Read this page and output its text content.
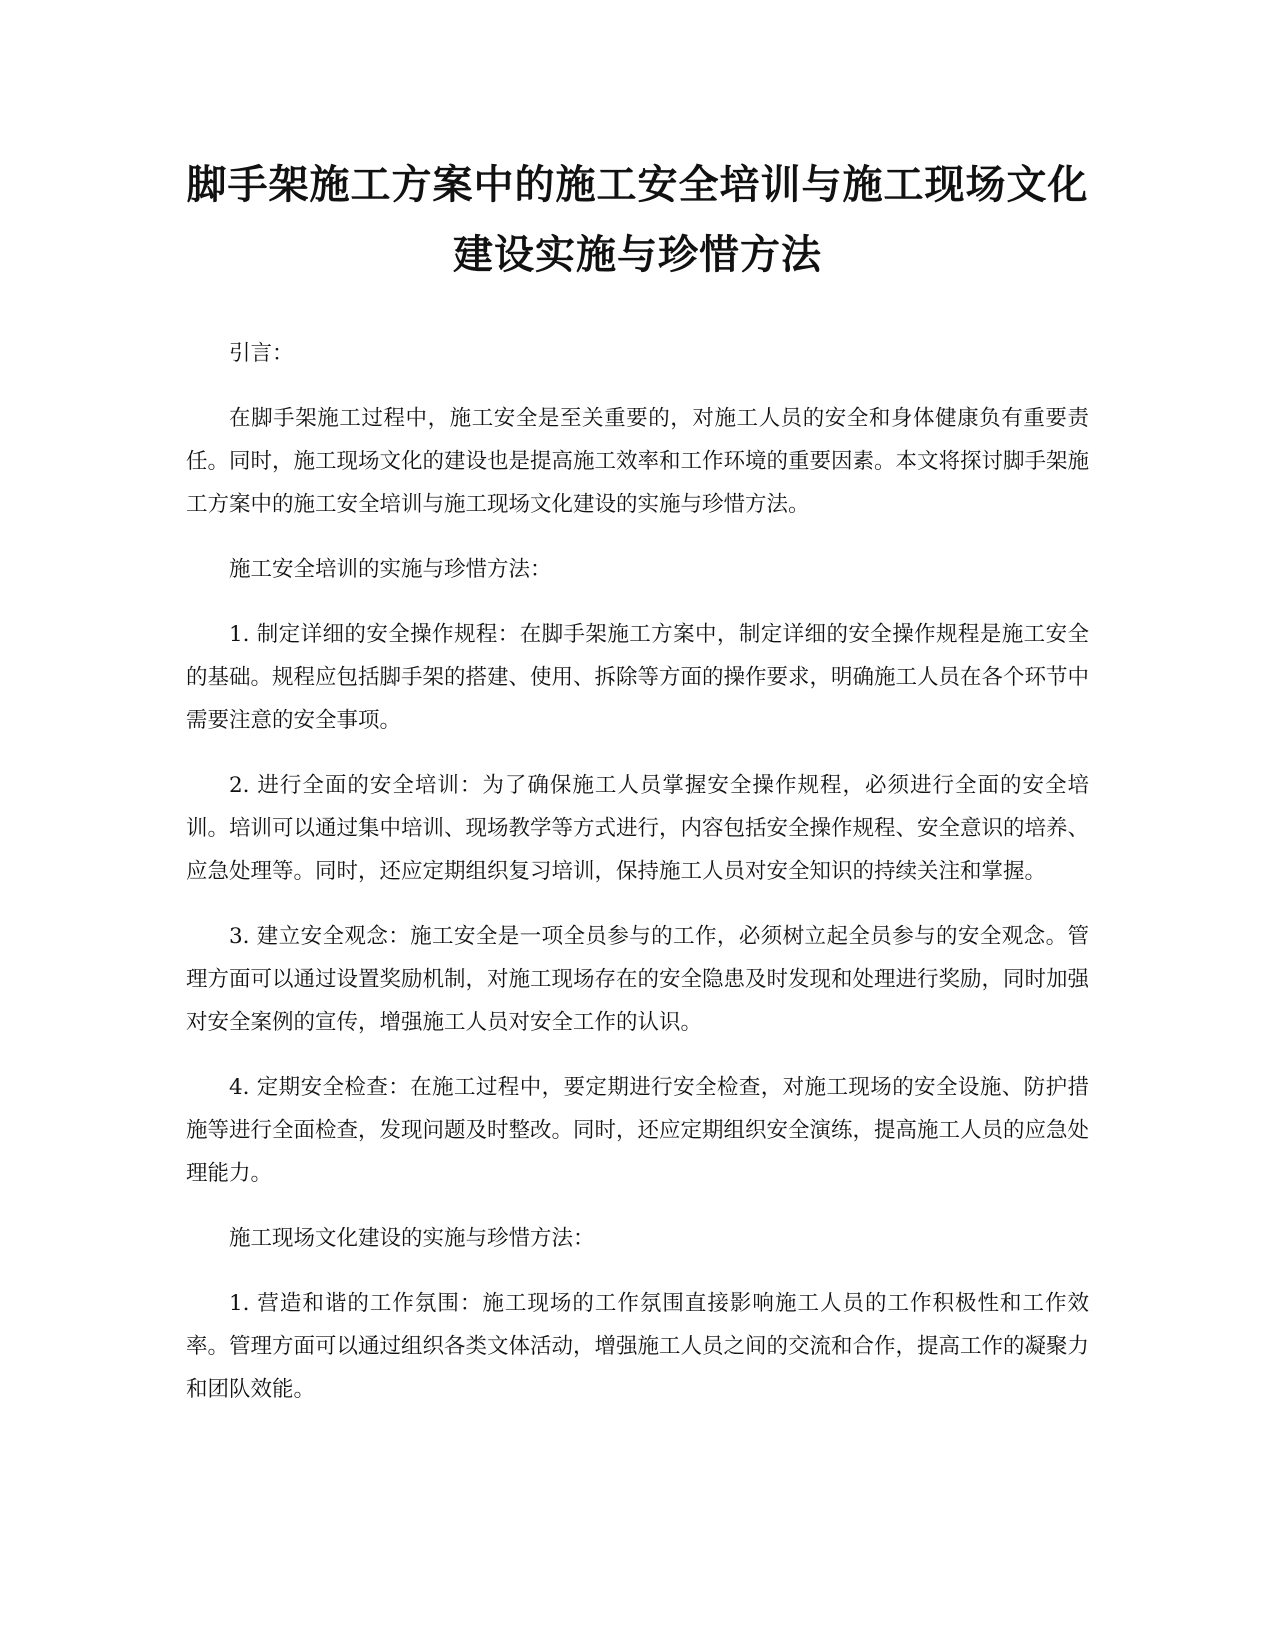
脚手架施工方案中的施工安全培训与施工现场文化建设实施与珍惜方法

引言：

在脚手架施工过程中，施工安全是至关重要的，对施工人员的安全和身体健康负有重要责任。同时，施工现场文化的建设也是提高施工效率和工作环境的重要因素。本文将探讨脚手架施工方案中的施工安全培训与施工现场文化建设的实施与珍惜方法。

施工安全培训的实施与珍惜方法：

1. 制定详细的安全操作规程：在脚手架施工方案中，制定详细的安全操作规程是施工安全的基础。规程应包括脚手架的搭建、使用、拆除等方面的操作要求，明确施工人员在各个环节中需要注意的安全事项。

2. 进行全面的安全培训：为了确保施工人员掌握安全操作规程，必须进行全面的安全培训。培训可以通过集中培训、现场教学等方式进行，内容包括安全操作规程、安全意识的培养、应急处理等。同时，还应定期组织复习培训，保持施工人员对安全知识的持续关注和掌握。

3. 建立安全观念：施工安全是一项全员参与的工作，必须树立起全员参与的安全观念。管理方面可以通过设置奖励机制，对施工现场存在的安全隐患及时发现和处理进行奖励，同时加强对安全案例的宣传，增强施工人员对安全工作的认识。

4. 定期安全检查：在施工过程中，要定期进行安全检查，对施工现场的安全设施、防护措施等进行全面检查，发现问题及时整改。同时，还应定期组织安全演练，提高施工人员的应急处理能力。

施工现场文化建设的实施与珍惜方法：

1. 营造和谐的工作氛围：施工现场的工作氛围直接影响施工人员的工作积极性和工作效率。管理方面可以通过组织各类文体活动，增强施工人员之间的交流和合作，提高工作的凝聚力和团队效能。
